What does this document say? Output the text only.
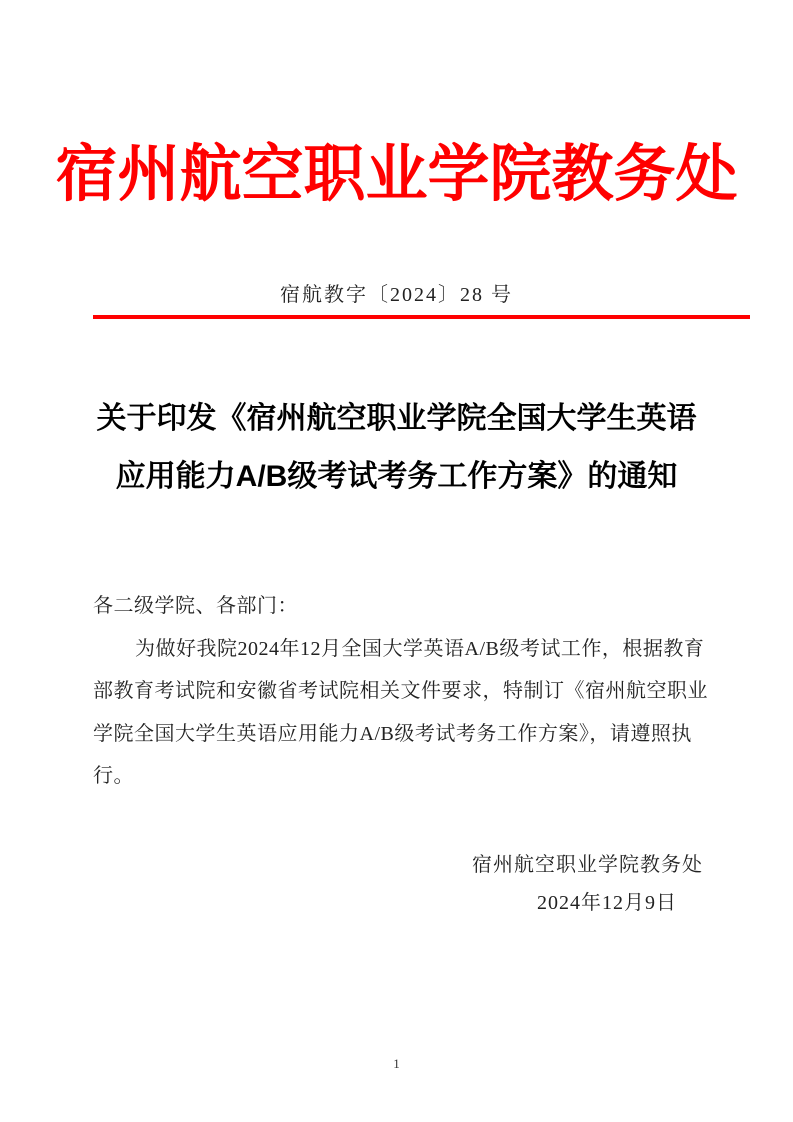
宿州航空职业学院教务处
宿航教字〔2024〕28 号
关于印发《宿州航空职业学院全国大学生英语
应用能力A/B级考试考务工作方案》的通知
各二级学院、各部门：
为做好我院2024年12月全国大学英语A/B级考试工作，根据教育
部教育考试院和安徽省考试院相关文件要求，特制订《宿州航空职业
学院全国大学生英语应用能力A/B级考试考务工作方案》，请遵照执
行。
宿州航空职业学院教务处
2024年12月9日
1
